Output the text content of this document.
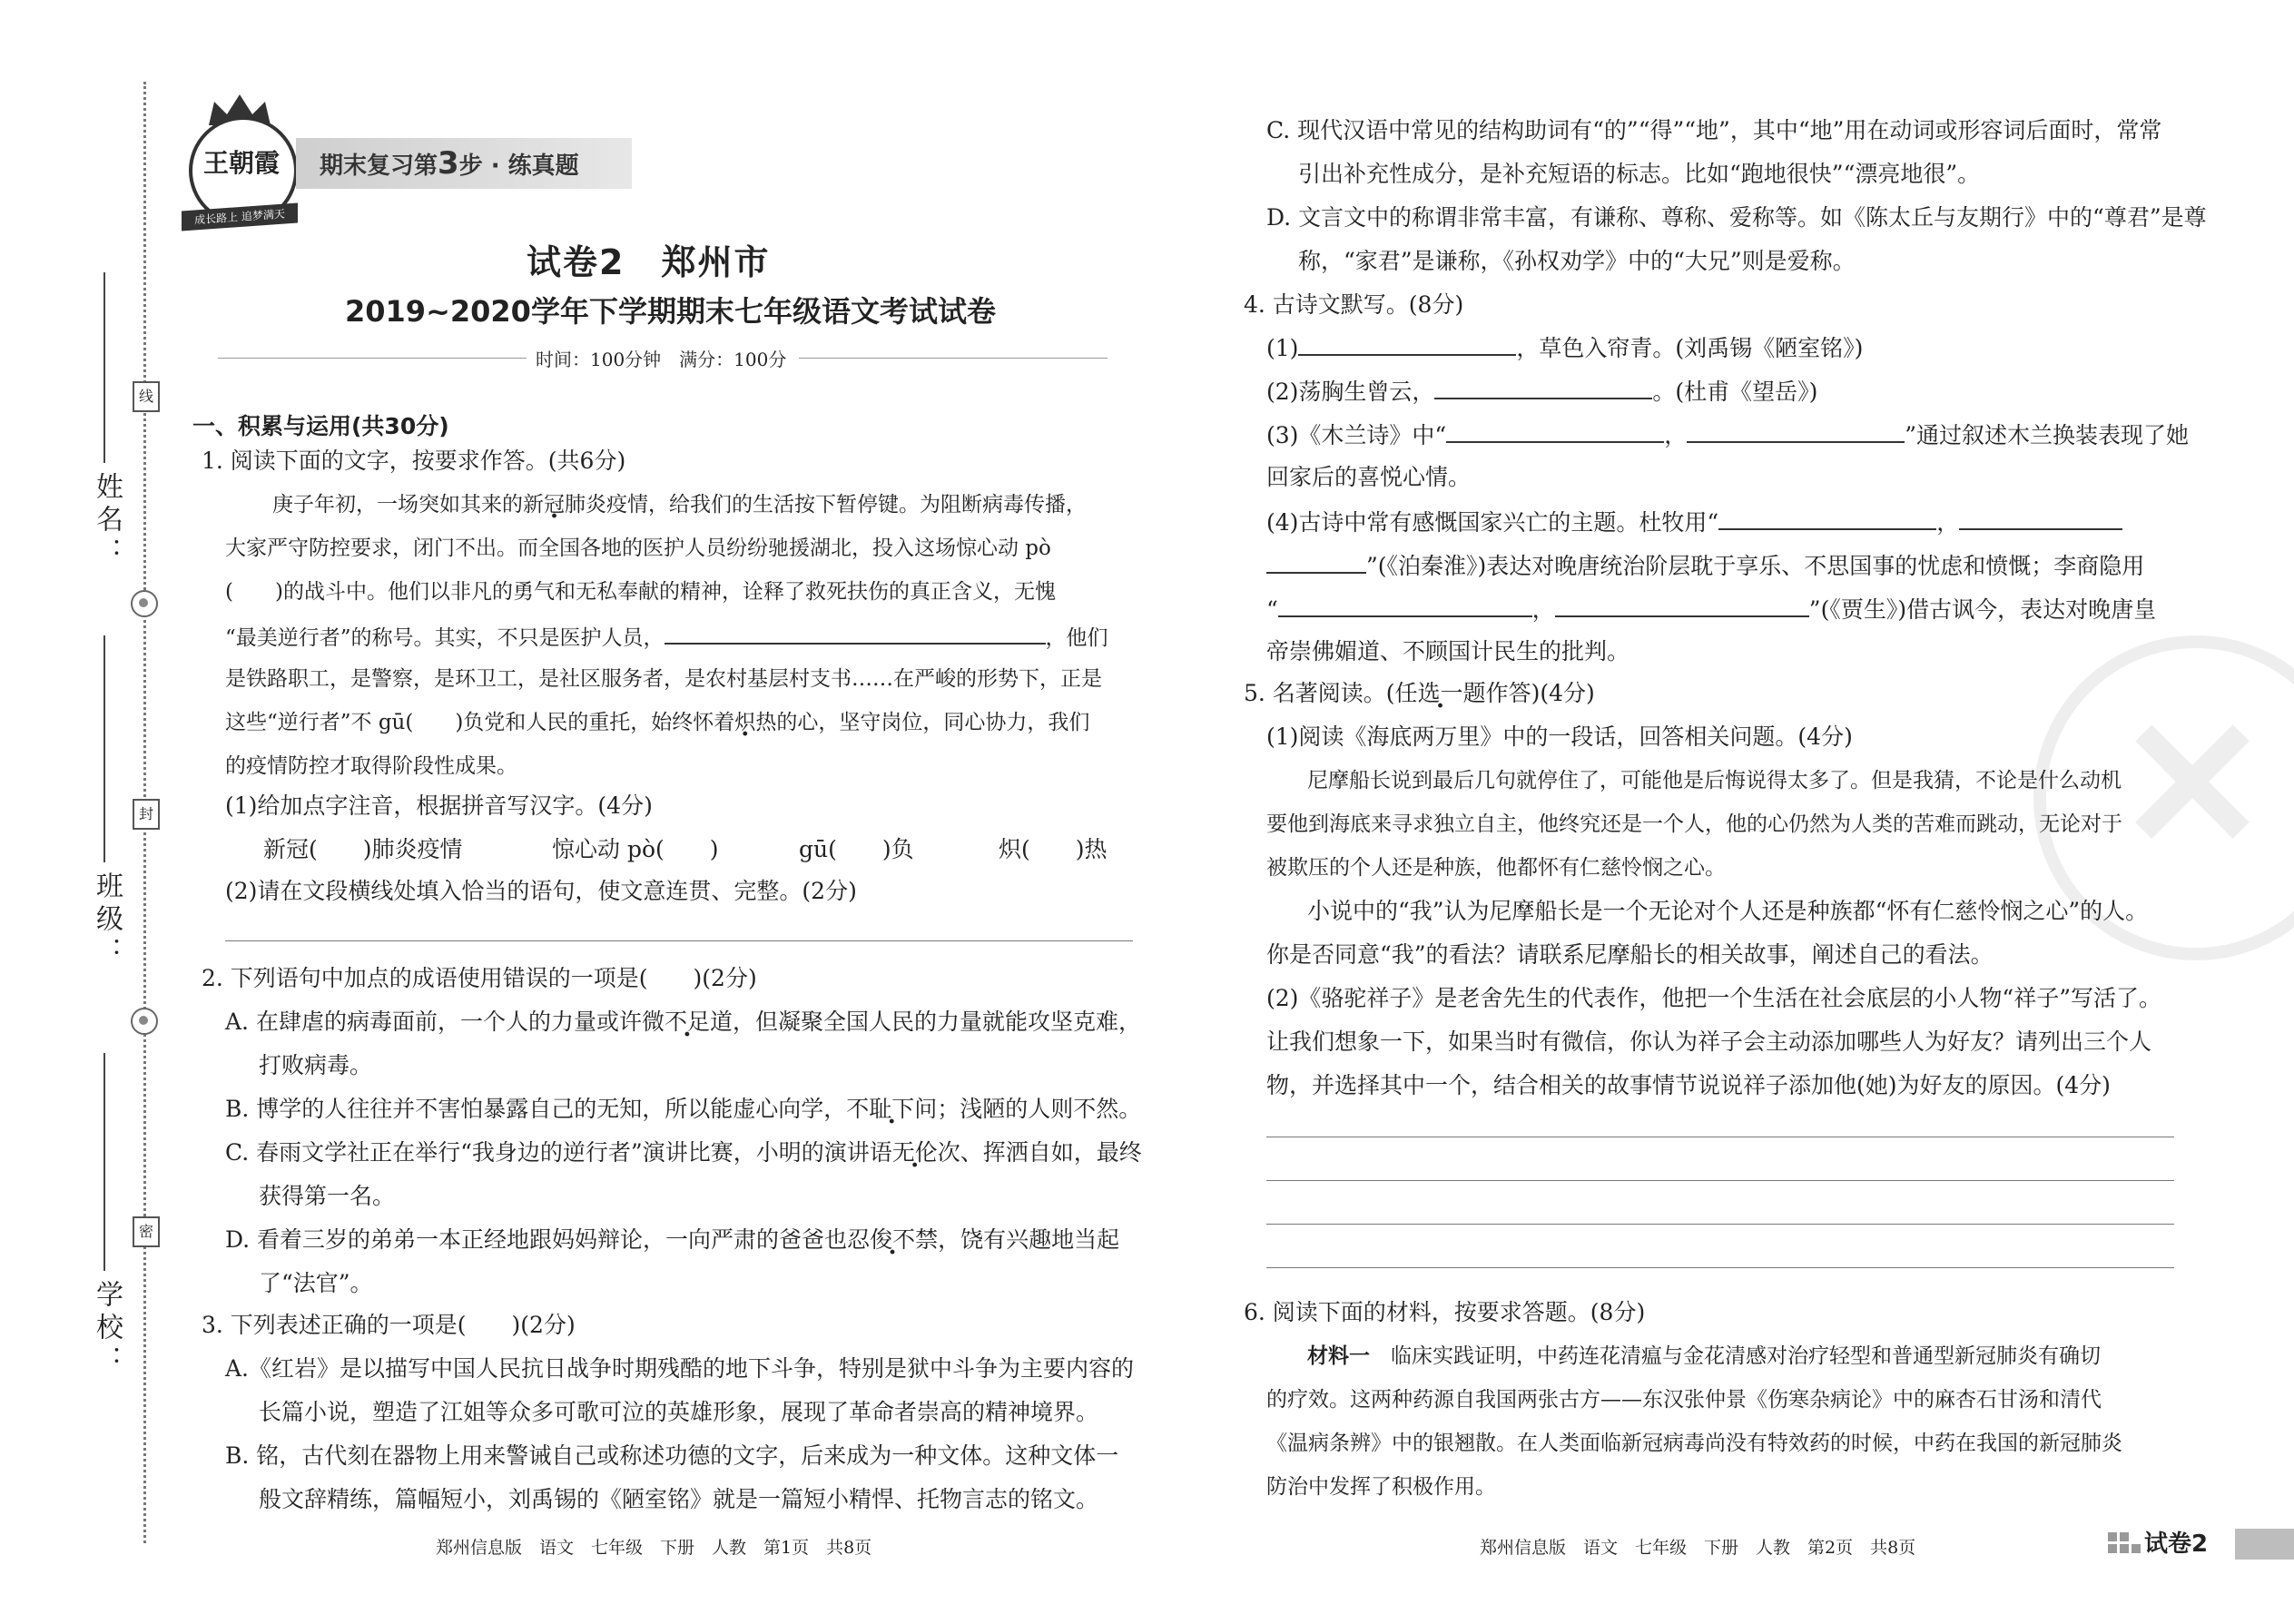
姓名：
班级：
学校：
线
封
密
王朝霞
成长路上 追梦满天
期末复习第3步 · 练真题
试卷2　郑州市
2019~2020学年下学期期末七年级语文考试试卷
时间：100分钟　满分：100分
一、积累与运用(共30分)
1. 阅读下面的文字，按要求作答。(共6分)
庚子年初，一场突如其来的新冠肺炎疫情，给我们的生活按下暂停键。为阻断病毒传播，
大家严守防控要求，闭门不出。而全国各地的医护人员纷纷驰援湖北，投入这场惊心动 pò
(　　)的战斗中。他们以非凡的勇气和无私奉献的精神，诠释了救死扶伤的真正含义，无愧
“最美逆行者”的称号。其实，不只是医护人员，	，他们
是铁路职工，是警察，是环卫工，是社区服务者，是农村基层村支书……在严峻的形势下，正是
这些“逆行者”不 gū(　　)负党和人民的重托，始终怀着炽热的心，坚守岗位，同心协力，我们
的疫情防控才取得阶段性成果。
(1)给加点字注音，根据拼音写汉字。(4分)
新冠(　　)肺炎疫情	惊心动 pò(　　)	gū(　　)负	炽(　　)热
(2)请在文段横线处填入恰当的语句，使文意连贯、完整。(2分)
2. 下列语句中加点的成语使用错误的一项是(　　)(2分)
A. 在肆虐的病毒面前，一个人的力量或许微不足道，但凝聚全国人民的力量就能攻坚克难，
打败病毒。
B. 博学的人往往并不害怕暴露自己的无知，所以能虚心向学，不耻下问；浅陋的人则不然。
C. 春雨文学社正在举行“我身边的逆行者”演讲比赛，小明的演讲语无伦次、挥洒自如，最终
获得第一名。
D. 看着三岁的弟弟一本正经地跟妈妈辩论，一向严肃的爸爸也忍俊不禁，饶有兴趣地当起
了“法官”。
3. 下列表述正确的一项是(　　)(2分)
A.《红岩》是以描写中国人民抗日战争时期残酷的地下斗争，特别是狱中斗争为主要内容的
长篇小说，塑造了江姐等众多可歌可泣的英雄形象，展现了革命者崇高的精神境界。
B. 铭，古代刻在器物上用来警诫自己或称述功德的文字，后来成为一种文体。这种文体一
般文辞精练，篇幅短小，刘禹锡的《陋室铭》就是一篇短小精悍、托物言志的铭文。
郑州信息版　语文　七年级　下册　人教　第1页　共8页
✕
C. 现代汉语中常见的结构助词有“的”“得”“地”，其中“地”用在动词或形容词后面时，常常
引出补充性成分，是补充短语的标志。比如“跑地很快”“漂亮地很”。
D. 文言文中的称谓非常丰富，有谦称、尊称、爱称等。如《陈太丘与友期行》中的“尊君”是尊
称，“家君”是谦称，《孙权劝学》中的“大兄”则是爱称。
4. 古诗文默写。(8分)
(1)	，草色入帘青。(刘禹锡《陋室铭》)
(2)荡胸生曾云，	。(杜甫《望岳》)
(3)《木兰诗》中“	，	”通过叙述木兰换装表现了她
回家后的喜悦心情。
(4)古诗中常有感慨国家兴亡的主题。杜牧用“	，
”(《泊秦淮》)表达对晚唐统治阶层耽于享乐、不思国事的忧虑和愤慨；李商隐用
“	，	”(《贾生》)借古讽今，表达对晚唐皇
帝崇佛媚道、不顾国计民生的批判。
5. 名著阅读。(任选一题作答)(4分)
(1)阅读《海底两万里》中的一段话，回答相关问题。(4分)
尼摩船长说到最后几句就停住了，可能他是后悔说得太多了。但是我猜，不论是什么动机
要他到海底来寻求独立自主，他终究还是一个人，他的心仍然为人类的苦难而跳动，无论对于
被欺压的个人还是种族，他都怀有仁慈怜悯之心。
小说中的“我”认为尼摩船长是一个无论对个人还是种族都“怀有仁慈怜悯之心”的人。
你是否同意“我”的看法？请联系尼摩船长的相关故事，阐述自己的看法。
(2)《骆驼祥子》是老舍先生的代表作，他把一个生活在社会底层的小人物“祥子”写活了。
让我们想象一下，如果当时有微信，你认为祥子会主动添加哪些人为好友？请列出三个人
物，并选择其中一个，结合相关的故事情节说说祥子添加他(她)为好友的原因。(4分)
6. 阅读下面的材料，按要求答题。(8分)
材料一　 临床实践证明，中药连花清瘟与金花清感对治疗轻型和普通型新冠肺炎有确切
的疗效。这两种药源自我国两张古方——东汉张仲景《伤寒杂病论》中的麻杏石甘汤和清代
《温病条辨》中的银翘散。在人类面临新冠病毒尚没有特效药的时候，中药在我国的新冠肺炎
防治中发挥了积极作用。
郑州信息版　语文　七年级　下册　人教　第2页　共8页	试卷2
